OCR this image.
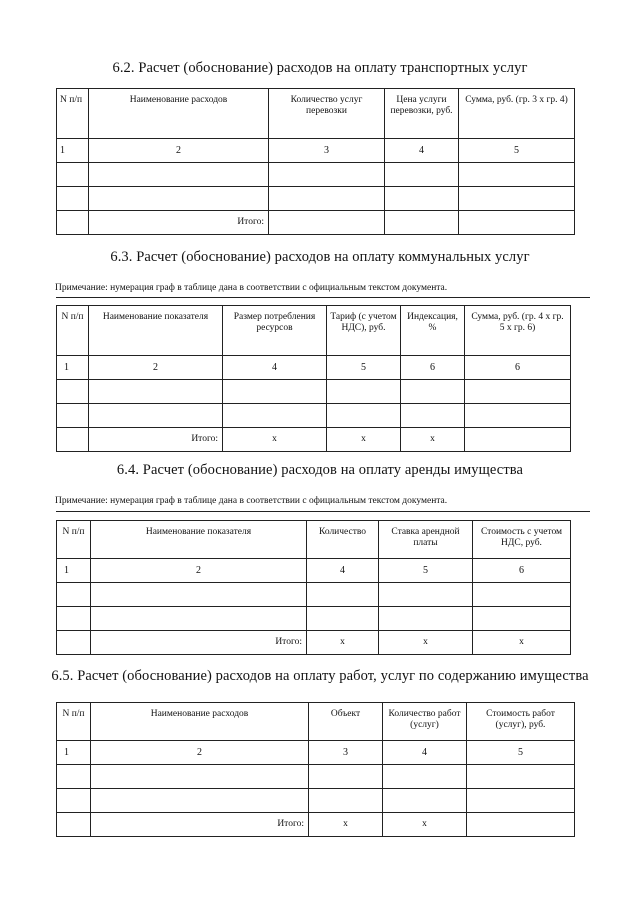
6.2. Расчет (обоснование) расходов на оплату транспортных услуг
N п/п	Наименование расходов	Количество услуг перевозки	Цена услуги перевозки, руб.	Сумма, руб. (гр. 3 х гр. 4)
1	2	3	4	5

	Итого:			
6.3. Расчет (обоснование) расходов на оплату коммунальных услуг
Примечание: нумерация граф в таблице дана в соответствии с официальным текстом документа.
N п/п	Наименование показателя	Размер потребления ресурсов	Тариф (с учетом НДС), руб.	Индексация, %	Сумма, руб. (гр. 4 х гр. 5 х гр. 6)
1	2	4	5	6	6

	Итого:	x	x	x	
6.4. Расчет (обоснование) расходов на оплату аренды имущества
Примечание: нумерация граф в таблице дана в соответствии с официальным текстом документа.
N п/п	Наименование показателя	Количество	Ставка арендной платы	Стоимость с учетом НДС, руб.
1	2	4	5	6

	Итого:	x	x	x
6.5. Расчет (обоснование) расходов на оплату работ, услуг по содержанию имущества
N п/п	Наименование расходов	Объект	Количество работ (услуг)	Стоимость работ (услуг), руб.
1	2	3	4	5

	Итого:	x	x	
